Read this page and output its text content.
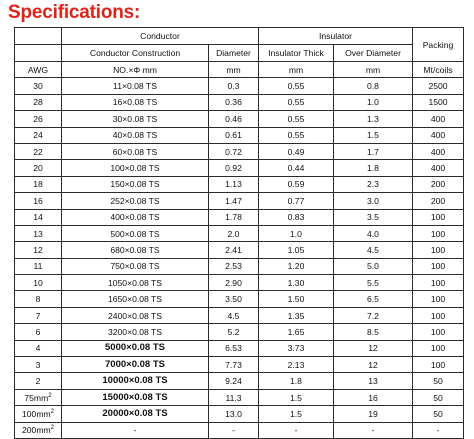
Specifications:
	Conductor		Insulator		Packing
	Conductor Construction	Diameter	Insulator Thick	Over Diameter	
AWG	NO.×Φ mm	mm	mm	mm	Mt/coils
30	11×0.08 TS	0.3	0.55	0.8	2500
28	16×0.08 TS	0.36	0.55	1.0	1500
26	30×0.08 TS	0.46	0.55	1.3	400
24	40×0.08 TS	0.61	0.55	1.5	400
22	60×0.08 TS	0.72	0.49	1.7	400
20	100×0.08 TS	0.92	0.44	1.8	400
18	150×0.08 TS	1.13	0.59	2.3	200
16	252×0.08 TS	1.47	0.77	3.0	200
14	400×0.08 TS	1.78	0.83	3.5	100
13	500×0.08 TS	2.0	1.0	4.0	100
12	680×0.08 TS	2.41	1.05	4.5	100
11	750×0.08 TS	2.53	1.20	5.0	100
10	1050×0.08 TS	2.90	1.30	5.5	100
8	1650×0.08 TS	3.50	1.50	6.5	100
7	2400×0.08 TS	4.5	1.35	7.2	100
6	3200×0.08 TS	5.2	1.65	8.5	100
4	5000×0.08 TS	6.53	3.73	12	100
3	7000×0.08 TS	7.73	2.13	12	100
2	10000×0.08 TS	9.24	1.8	13	50
$75mm^2$	15000×0.08 TS	11.3	1.5	16	50
$100mm^2$	20000×0.08 TS	13.0	1.5	19	50
$200mm^2$	-	-	-	-	-
